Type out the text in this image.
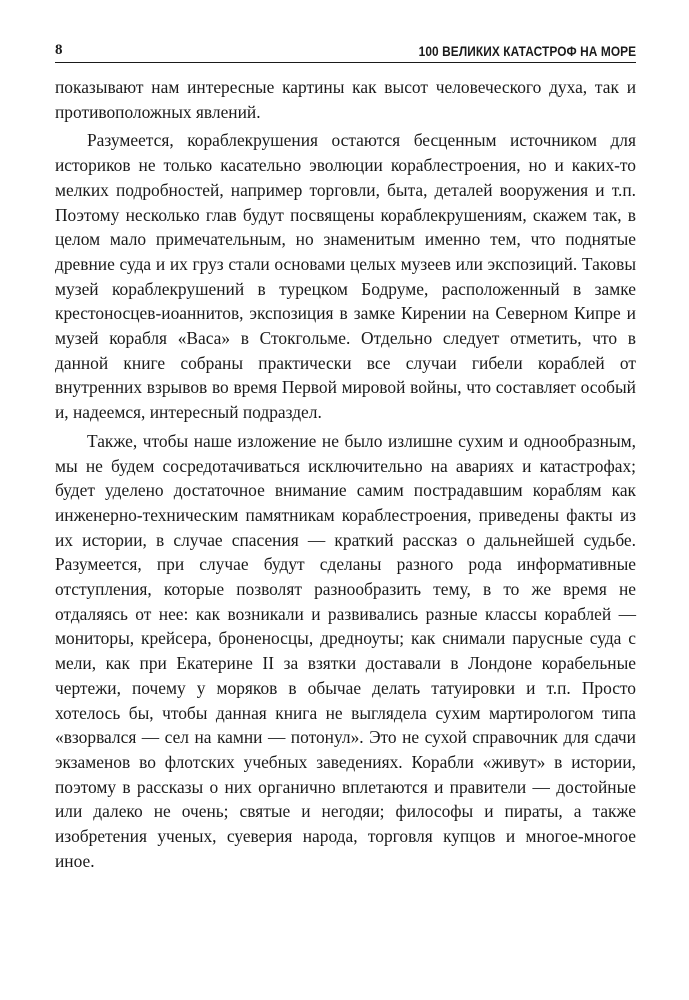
8	100 ВЕЛИКИХ КАТАСТРОФ НА МОРЕ

показывают нам интересные картины как высот человеческого духа, так и противоположных явлений.

Разумеется, кораблекрушения остаются бесценным источником для историков не только касательно эволюции кораблестроения, но и каких-то мелких подробностей, например торговли, быта, деталей вооружения и т.п. Поэтому несколько глав будут посвящены кораблекрушениям, скажем так, в целом мало примечательным, но знаменитым именно тем, что поднятые древние суда и их груз стали основами целых музеев или экспозиций. Таковы музей кораблекрушений в турецком Бодруме, расположенный в замке крестоносцев-иоаннитов, экспозиция в замке Кирении на Северном Кипре и музей корабля «Васа» в Стокгольме. Отдельно следует отметить, что в данной книге собраны практически все случаи гибели кораблей от внутренних взрывов во время Первой мировой войны, что составляет особый и, надеемся, интересный подраздел.

Также, чтобы наше изложение не было излишне сухим и однообразным, мы не будем сосредотачиваться исключительно на авариях и катастрофах; будет уделено достаточное внимание самим пострадавшим кораблям как инженерно-техническим памятникам кораблестроения, приведены факты из их истории, в случае спасения — краткий рассказ о дальнейшей судьбе. Разумеется, при случае будут сделаны разного рода информативные отступления, которые позволят разнообразить тему, в то же время не отдаляясь от нее: как возникали и развивались разные классы кораблей — мониторы, крейсера, броненосцы, дредноуты; как снимали парусные суда с мели, как при Екатерине II за взятки доставали в Лондоне корабельные чертежи, почему у моряков в обычае делать татуировки и т.п. Просто хотелось бы, чтобы данная книга не выглядела сухим мартирологом типа «взорвался — сел на камни — потонул». Это не сухой справочник для сдачи экзаменов во флотских учебных заведениях. Корабли «живут» в истории, поэтому в рассказы о них органично вплетаются и правители — достойные или далеко не очень; святые и негодяи; философы и пираты, а также изобретения ученых, суеверия народа, торговля купцов и многое-многое иное.
